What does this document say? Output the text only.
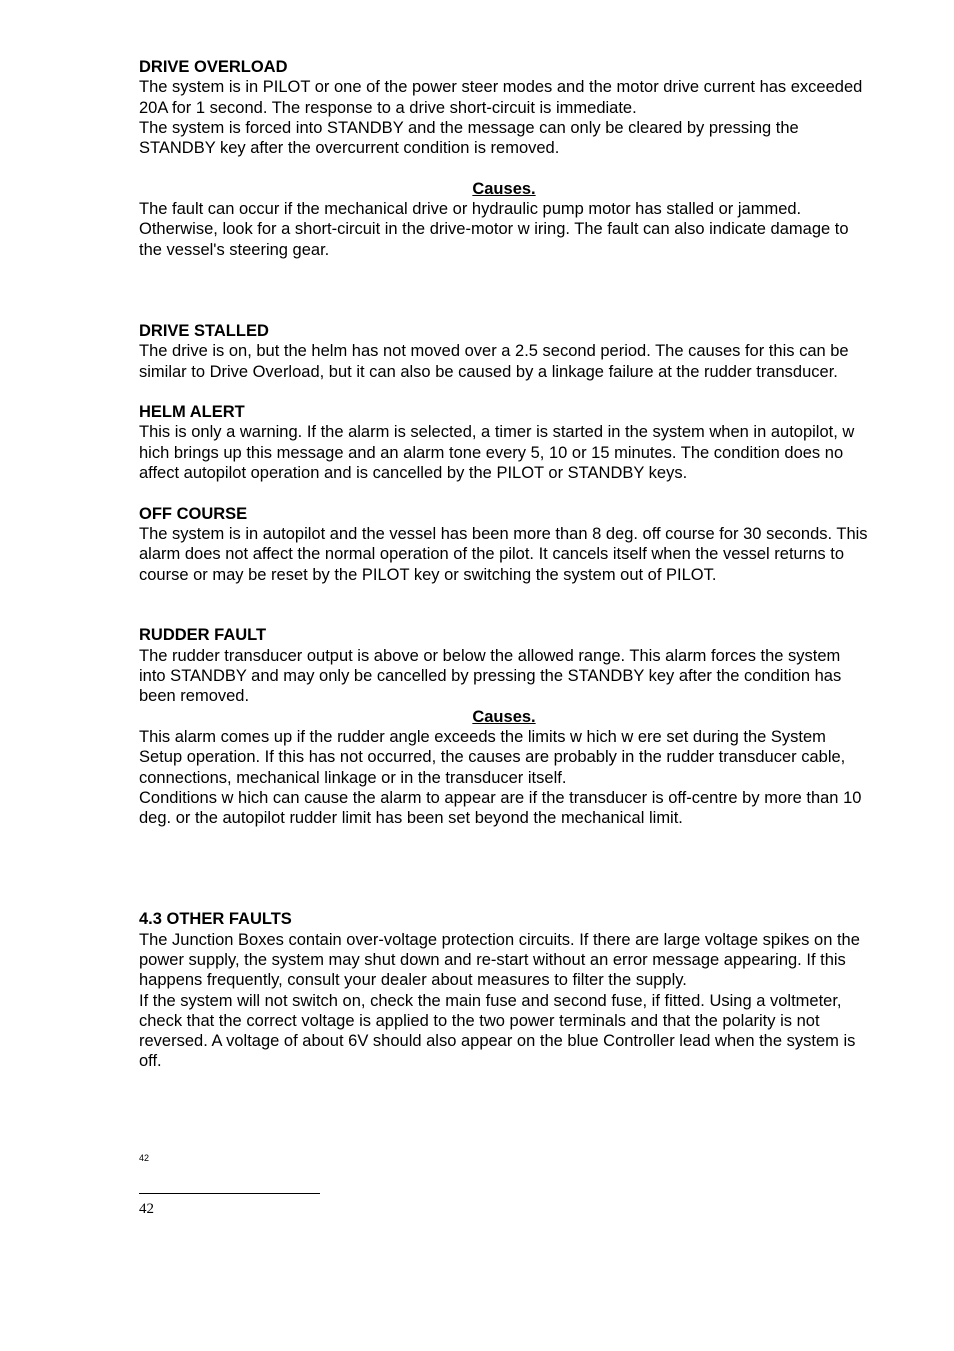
DRIVE OVERLOAD

The system is in PILOT or one of the power steer modes and the motor drive current has exceeded 20A for 1 second. The response to a drive short-circuit is immediate.

The system is forced into STANDBY and the message can only be cleared by pressing the STANDBY key after the overcurrent condition is removed.

Causes.

The fault can occur if the mechanical drive or hydraulic pump motor has stalled or jammed. Otherwise, look for a short-circuit in the drive-motor w iring. The fault can also indicate damage to the vessel's steering gear.

DRIVE STALLED

The drive is on, but the helm has not moved over a 2.5 second period. The causes for this can be similar to Drive Overload, but it can also be caused by a linkage failure at the rudder transducer.

HELM ALERT

This is only a warning. If the alarm is selected, a timer is started in the system when in autopilot, w hich brings up this message and an alarm tone every 5, 10 or 15 minutes. The condition does no affect autopilot operation and is cancelled by the PILOT or STANDBY keys.

OFF COURSE

The system is in autopilot and the vessel has been more than 8 deg. off course for 30 seconds. This alarm does not affect the normal operation of the pilot. It cancels itself when the vessel returns to course or may be reset by the PILOT key or switching the system out of PILOT.

RUDDER FAULT

The rudder transducer output is above or below the allowed range. This alarm forces the system into STANDBY and may only be cancelled by pressing the STANDBY key after the condition has been removed.

Causes.

This alarm comes up if the rudder angle exceeds the limits w hich w ere set during the System Setup operation. If this has not occurred, the causes are probably in the rudder transducer cable, connections, mechanical linkage or in the transducer itself.

Conditions w hich can cause the alarm to appear are if the transducer is off-centre by more than 10 deg. or the autopilot rudder limit has been set beyond the mechanical limit.

4.3 OTHER FAULTS

The Junction Boxes contain over-voltage protection circuits. If there are large voltage spikes on the power supply, the system may shut down and re-start without an error message appearing. If this happens frequently, consult your dealer about measures to filter the supply.

If the system will not switch on, check the main fuse and second fuse, if fitted. Using a voltmeter, check that the correct voltage is applied to the two power terminals and that the polarity is not reversed. A voltage of about 6V should also appear on the blue Controller lead when the system is off.

42
42
